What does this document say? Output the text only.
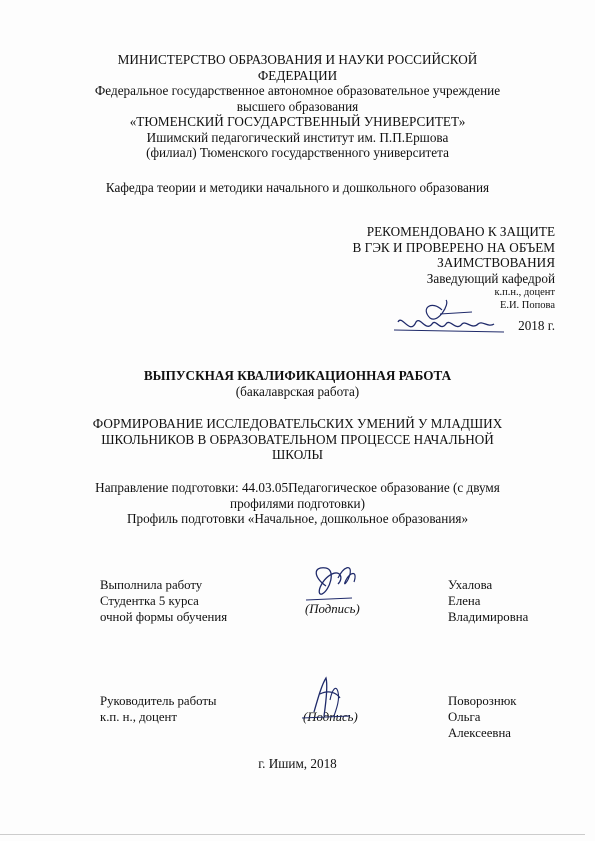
МИНИСТЕРСТВО ОБРАЗОВАНИЯ И НАУКИ РОССИЙСКОЙ
ФЕДЕРАЦИИ
Федеральное государственное автономное образовательное учреждение
высшего образования
«ТЮМЕНСКИЙ ГОСУДАРСТВЕННЫЙ УНИВЕРСИТЕТ»
Ишимский педагогический институт им. П.П.Ершова
(филиал) Тюменского государственного университета
Кафедра теории и методики начального и дошкольного образования
РЕКОМЕНДОВАНО К ЗАЩИТЕ
В ГЭК И ПРОВЕРЕНО НА ОБЪЕМ
ЗАИМСТВОВАНИЯ
Заведующий кафедрой
к.п.н., доцент
Е.И. Попова
2018 г.
ВЫПУСКНАЯ КВАЛИФИКАЦИОННАЯ РАБОТА
(бакалаврская работа)
ФОРМИРОВАНИЕ ИССЛЕДОВАТЕЛЬСКИХ УМЕНИЙ У МЛАДШИХ
ШКОЛЬНИКОВ В ОБРАЗОВАТЕЛЬНОМ ПРОЦЕССЕ НАЧАЛЬНОЙ
ШКОЛЫ
Направление подготовки: 44.03.05Педагогическое образование (с двумя
профилями подготовки)
Профиль подготовки «Начальное, дошкольное образования»
Выполнила работу
Студентка 5 курса
очной формы обучения
(Подпись)
Ухалова
Елена
Владимировна
Руководитель работы
к.п. н., доцент	(Подпись)
Поворознюк
Ольга
Алексеевна
г. Ишим, 2018
